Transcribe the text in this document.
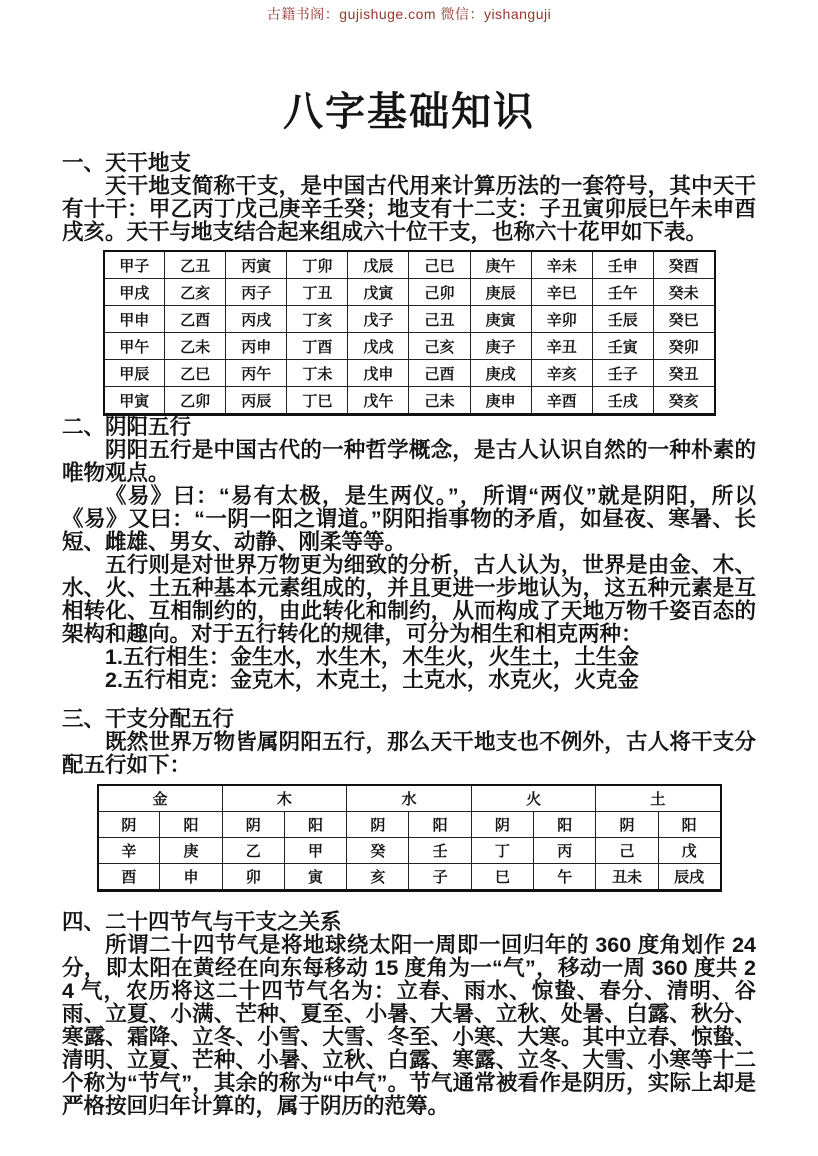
古籍书阁：gujishuge.com 微信：yishanguji
八字基础知识
一、天干地支

天干地支简称干支，是中国古代用来计算历法的一套符号，其中天干有十干：甲乙丙丁戊己庚辛壬癸；地支有十二支：子丑寅卯辰巳午未申酉戌亥。天干与地支结合起来组成六十位干支，也称六十花甲如下表。

甲子	乙丑	丙寅	丁卯	戊辰	己巳	庚午	辛未	壬申	癸酉
甲戌	乙亥	丙子	丁丑	戊寅	己卯	庚辰	辛巳	壬午	癸未
甲申	乙酉	丙戌	丁亥	戊子	己丑	庚寅	辛卯	壬辰	癸巳
甲午	乙未	丙申	丁酉	戊戌	己亥	庚子	辛丑	壬寅	癸卯
甲辰	乙巳	丙午	丁未	戊申	己酉	庚戌	辛亥	壬子	癸丑
甲寅	乙卯	丙辰	丁巳	戊午	己未	庚申	辛酉	壬戌	癸亥
二、阴阳五行

阴阳五行是中国古代的一种哲学概念，是古人认识自然的一种朴素的唯物观点。

《易》曰：“易有太极，是生两仪。”，所谓“两仪”就是阴阳，所以《易》又曰：“一阴一阳之谓道。”阴阳指事物的矛盾，如昼夜、寒暑、长短、雌雄、男女、动静、刚柔等等。

五行则是对世界万物更为细致的分析，古人认为，世界是由金、木、水、火、土五种基本元素组成的，并且更进一步地认为，这五种元素是互相转化、互相制约的，由此转化和制约，从而构成了天地万物千姿百态的架构和趣向。对于五行转化的规律，可分为相生和相克两种：

1.五行相生：金生水，水生木，木生火，火生土，土生金

2.五行相克：金克木，木克土，土克水，水克火，火克金

三、干支分配五行

既然世界万物皆属阴阳五行，那么天干地支也不例外，古人将干支分配五行如下：

金		木		水		火		土	
阴	阳	阴	阳	阴	阳	阴	阳	阴	阳
辛	庚	乙	甲	癸	壬	丁	丙	己	戊
酉	申	卯	寅	亥	子	巳	午	丑未	辰戌
四、二十四节气与干支之关系

所谓二十四节气是将地球绕太阳一周即一回归年的 360 度角划作 24 分，即太阳在黄经在向东每移动 15 度角为一“气”，移动一周 360 度共 24 气，农历将这二十四节气名为：立春、雨水、惊蛰、春分、清明、谷雨、立夏、小满、芒种、夏至、小暑、大暑、立秋、处暑、白露、秋分、寒露、霜降、立冬、小雪、大雪、冬至、小寒、大寒。其中立春、惊蛰、清明、立夏、芒种、小暑、立秋、白露、寒露、立冬、大雪、小寒等十二个称为“节气”，其余的称为“中气”。节气通常被看作是阴历，实际上却是严格按回归年计算的，属于阴历的范筹。
